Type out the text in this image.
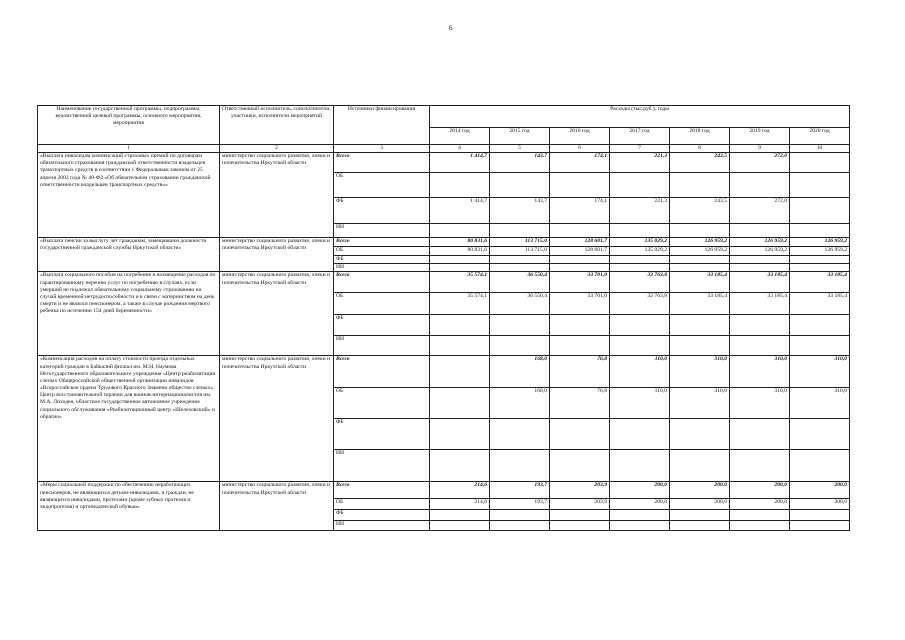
6
Наименование государственной программы, подпрограммы, ведомственной целевой программы, основного мероприятия, мероприятия	Ответственный исполнитель, соисполнители, участники, исполнители мероприятий	Источники финансирования	Расходы (тыс.руб.), годы						
			2014 год	2015 год	2016 год	2017 год	2018 год	2019 год	2020 год
1	2	3	4	5	6	7	8	9	10
«Выплата инвалидам компенсаций страховых премий по договорам обязательного страхования гражданской ответственности владельцев транспортных средств в соответствии с Федеральным законом от 25 апреля 2002 года № 40-ФЗ «Об обязательном страховании гражданской ответственности владельцев транспортных средств»»	министерство социального развития, опеки и попечительства Иркутской области	Всего	1 414,7	143,7	174,1	221,3	243,5	272,0	
		ОБ							
		ФБ	1 414,7	143,7	174,1	221,3	243,5	272,0	
		ИИ							
«Выплата пенсии за выслугу лет гражданам, замещавшим должности государственной гражданской службы Иркутской области»	министерство социального развития, опеки и попечительства Иркутской области	Всего	80 831,6	113 715,0	128 601,7	135 029,2	126 959,2	126 959,2	126 959,2
		ОБ	80 831,6	113 715,0	128 601,7	135 029,2	126 959,2	126 959,2	126 959,2
		ФБ							
		ИИ							
«Выплата социального пособия на погребение и возмещение расходов по гарантированному перечню услуг по погребению в случаях, если умерший не подлежал обязательному социальному страхованию на случай временной нетрудоспособности и в связи с материнством на день смерти и не являлся пенсионером, а также в случае рождения мертвого ребенка по истечении 154 дней беременности»	министерство социального развития, опеки и попечительства Иркутской области	Всего	35 574,1	36 550,4	33 701,0	32 763,8	33 185,4	33 185,4	33 185,4
		ОБ	35 574,1	36 550,4	33 701,0	32 763,8	33 185,4	33 185,4	33 185,4
		ФБ							
		ИИ							
«Компенсация расходов на оплату стоимости проезда отдельных категорий граждан в Байкалий филиал им. М.Н. Наумова Негосударственного образовательного учреждения «Центр реабилитации слепых Общероссийской общественной организации инвалидов «Всероссийское ордена Трудового Красного Знамени общество слепых». Центр восстановительной терапии для воинов-интернационалистов им. М.А. Лиходея, областное государственное автономное учреждение социального обслуживания «Реабилитационный центр «Шелеховский» и обратно»	министерство социального развития, опеки и попечительства Иркутской области	Всего		168,0	76,8	110,0	310,0	310,0	310,0
		ОБ		168,0	76,8	110,0	310,0	310,0	310,0
		ФБ							
		ИИ							
«Меры социальной поддержки по обеспечению неработающих пенсионеров, не являющихся детьми-инвалидами, и граждан, не являющихся инвалидами, протезами (кроме зубных протезов и эндопротезов) и ортопедической обувью»	министерство социального развития, опеки и попечительства Иркутской области	Всего	214,6	193,7	203,9	200,0	200,0	200,0	200,0
		ОБ	214,6	193,7	203,9	200,0	200,0	200,0	200,0
		ФБ							
		ИИ							
